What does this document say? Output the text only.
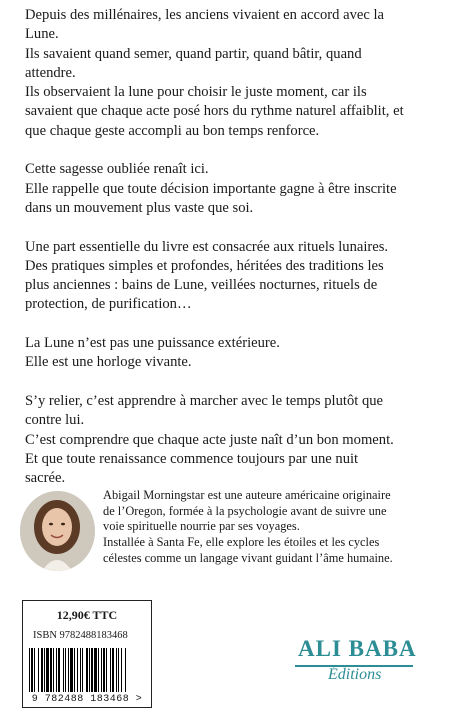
Depuis des millénaires, les anciens vivaient en accord avec la
Lune.
Ils savaient quand semer, quand partir, quand bâtir, quand
attendre.
Ils observaient la lune pour choisir le juste moment, car ils
savaient que chaque acte posé hors du rythme naturel affaiblit, et
que chaque geste accompli au bon temps renforce.

Cette sagesse oubliée renaît ici.
Elle rappelle que toute décision importante gagne à être inscrite
dans un mouvement plus vaste que soi.

Une part essentielle du livre est consacrée aux rituels lunaires.
Des pratiques simples et profondes, héritées des traditions les
plus anciennes : bains de Lune, veillées nocturnes, rituels de
protection, de purification…

La Lune n’est pas une puissance extérieure.
Elle est une horloge vivante.

S’y relier, c’est apprendre à marcher avec le temps plutôt que
contre lui.
C’est comprendre que chaque acte juste naît d’un bon moment.
Et que toute renaissance commence toujours par une nuit
sacrée.

Abigail Morningstar est une auteure américaine originaire
de l’Oregon, formée à la psychologie avant de suivre une
voie spirituelle nourrie par ses voyages.
Installée à Santa Fe, elle explore les étoiles et les cycles
célestes comme un langage vivant guidant l’âme humaine.
12,90€ TTC
ISBN 9782488183468
9 782488 183468 >
ALI BABA
Éditions
